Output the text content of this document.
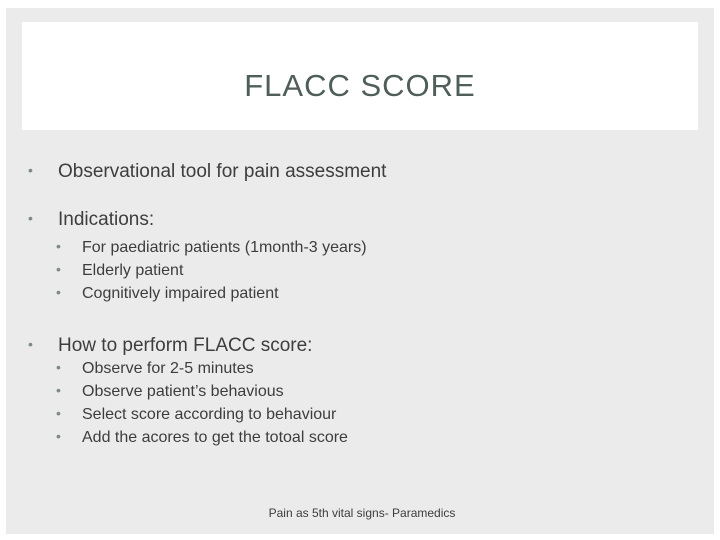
FLACC SCORE
• Observational tool for pain assessment
• Indications:
• For paediatric patients (1month-3 years)
• Elderly patient
• Cognitively impaired patient
• How to perform FLACC score:
• Observe for 2-5 minutes
• Observe patient’s behavious
• Select score according to behaviour
• Add the acores to get the totoal score
Pain as 5th vital signs- Paramedics
